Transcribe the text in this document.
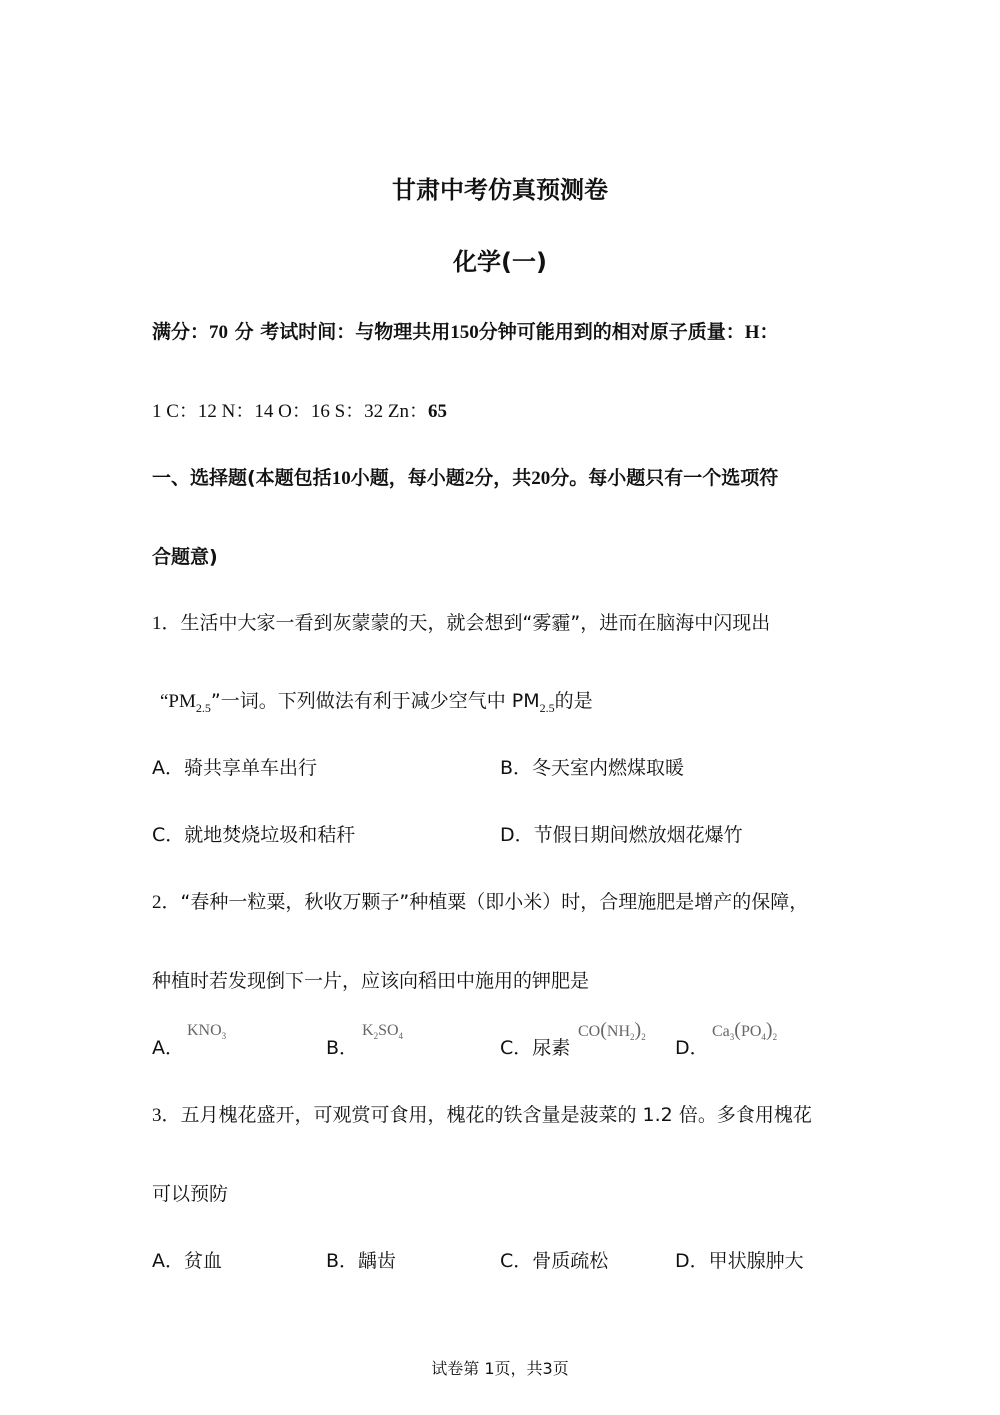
甘肃中考仿真预测卷
化学(一)
满分：70 分 考试时间：与物理共用150分钟可能用到的相对原子质量：H：
1 C：12 N：14 O：16 S：32 Zn：65
一、选择题(本题包括10小题，每小题2分，共20分。每小题只有一个选项符
合题意)
1．生活中大家一看到灰蒙蒙的天，就会想到“雾霾”，进而在脑海中闪现出
“$PM_{2.5}$”一词。下列做法有利于减少空气中 $PM_{2.5}$的是
A．骑共享单车出行	B．冬天室内燃煤取暖
C．就地焚烧垃圾和秸秆	D．节假日期间燃放烟花爆竹
2．“春种一粒粟，秋收万颗子”种植粟（即小米）时，合理施肥是增产的保障，
种植时若发现倒下一片，应该向稻田中施用的钾肥是
A．
$KNO_3$
B．
$K_2SO_4$
C．尿素
$CO(NH_2)_2$ D．
$Ca_3(PO_4)_2$
3．五月槐花盛开，可观赏可食用，槐花的铁含量是菠菜的 1.2 倍。多食用槐花
可以预防
A．贫血	B．龋齿	C．骨质疏松	D．甲状腺肿大
试卷第 1页，共3页
